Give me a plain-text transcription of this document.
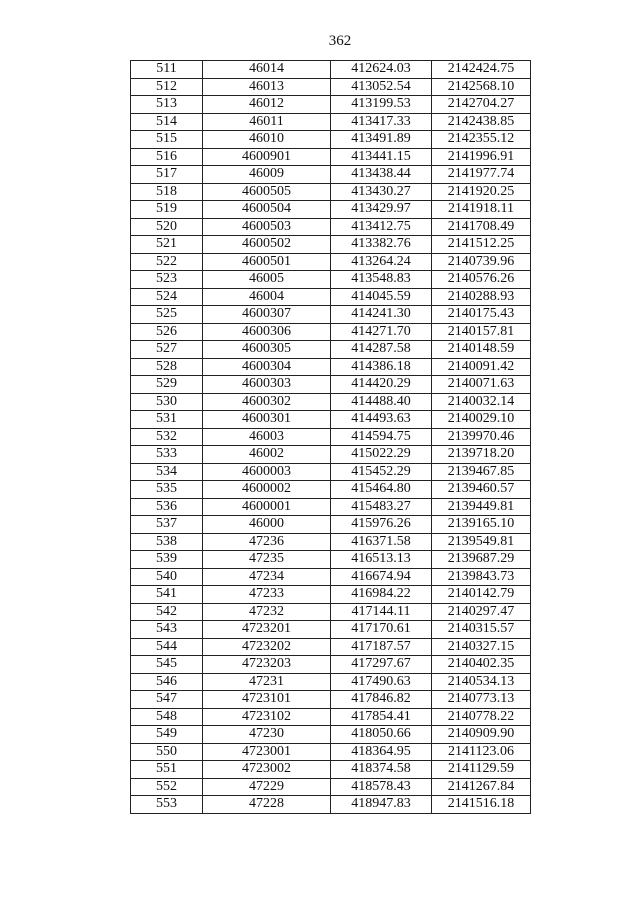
362
511	46014	412624.03	2142424.75
512	46013	413052.54	2142568.10
513	46012	413199.53	2142704.27
514	46011	413417.33	2142438.85
515	46010	413491.89	2142355.12
516	4600901	413441.15	2141996.91
517	46009	413438.44	2141977.74
518	4600505	413430.27	2141920.25
519	4600504	413429.97	2141918.11
520	4600503	413412.75	2141708.49
521	4600502	413382.76	2141512.25
522	4600501	413264.24	2140739.96
523	46005	413548.83	2140576.26
524	46004	414045.59	2140288.93
525	4600307	414241.30	2140175.43
526	4600306	414271.70	2140157.81
527	4600305	414287.58	2140148.59
528	4600304	414386.18	2140091.42
529	4600303	414420.29	2140071.63
530	4600302	414488.40	2140032.14
531	4600301	414493.63	2140029.10
532	46003	414594.75	2139970.46
533	46002	415022.29	2139718.20
534	4600003	415452.29	2139467.85
535	4600002	415464.80	2139460.57
536	4600001	415483.27	2139449.81
537	46000	415976.26	2139165.10
538	47236	416371.58	2139549.81
539	47235	416513.13	2139687.29
540	47234	416674.94	2139843.73
541	47233	416984.22	2140142.79
542	47232	417144.11	2140297.47
543	4723201	417170.61	2140315.57
544	4723202	417187.57	2140327.15
545	4723203	417297.67	2140402.35
546	47231	417490.63	2140534.13
547	4723101	417846.82	2140773.13
548	4723102	417854.41	2140778.22
549	47230	418050.66	2140909.90
550	4723001	418364.95	2141123.06
551	4723002	418374.58	2141129.59
552	47229	418578.43	2141267.84
553	47228	418947.83	2141516.18
